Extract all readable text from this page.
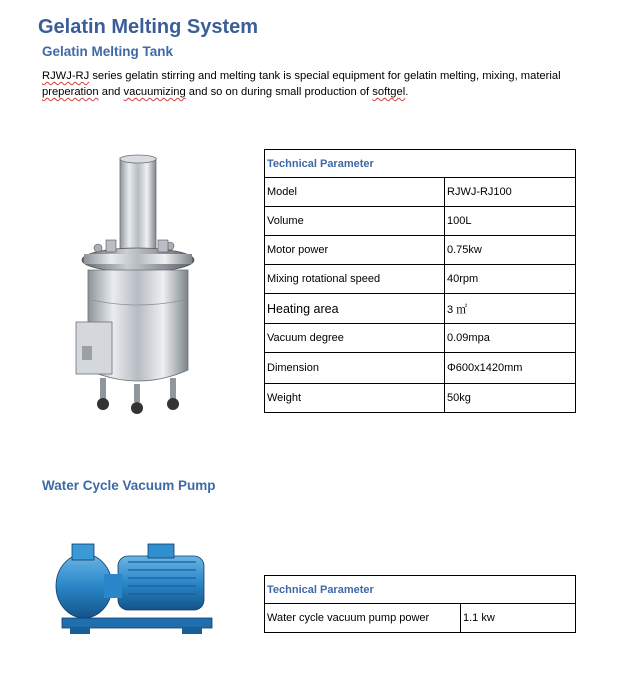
Gelatin Melting System
Gelatin Melting Tank
RJWJ-RJ series gelatin stirring and melting tank is special equipment for gelatin melting, mixing, material preperation and vacuumizing and so on during small production of softgel.
Technical Parameter	
Model	RJWJ-RJ100
Volume	100L
Motor power	0.75kw
Mixing rotational speed	40rpm
Heating area	3 ㎡
Vacuum degree	0.09mpa
Dimension	Φ600x1420mm
Weight	50kg
Water Cycle Vacuum Pump
Technical Parameter
Water cycle vacuum pump power	1.1 kw
